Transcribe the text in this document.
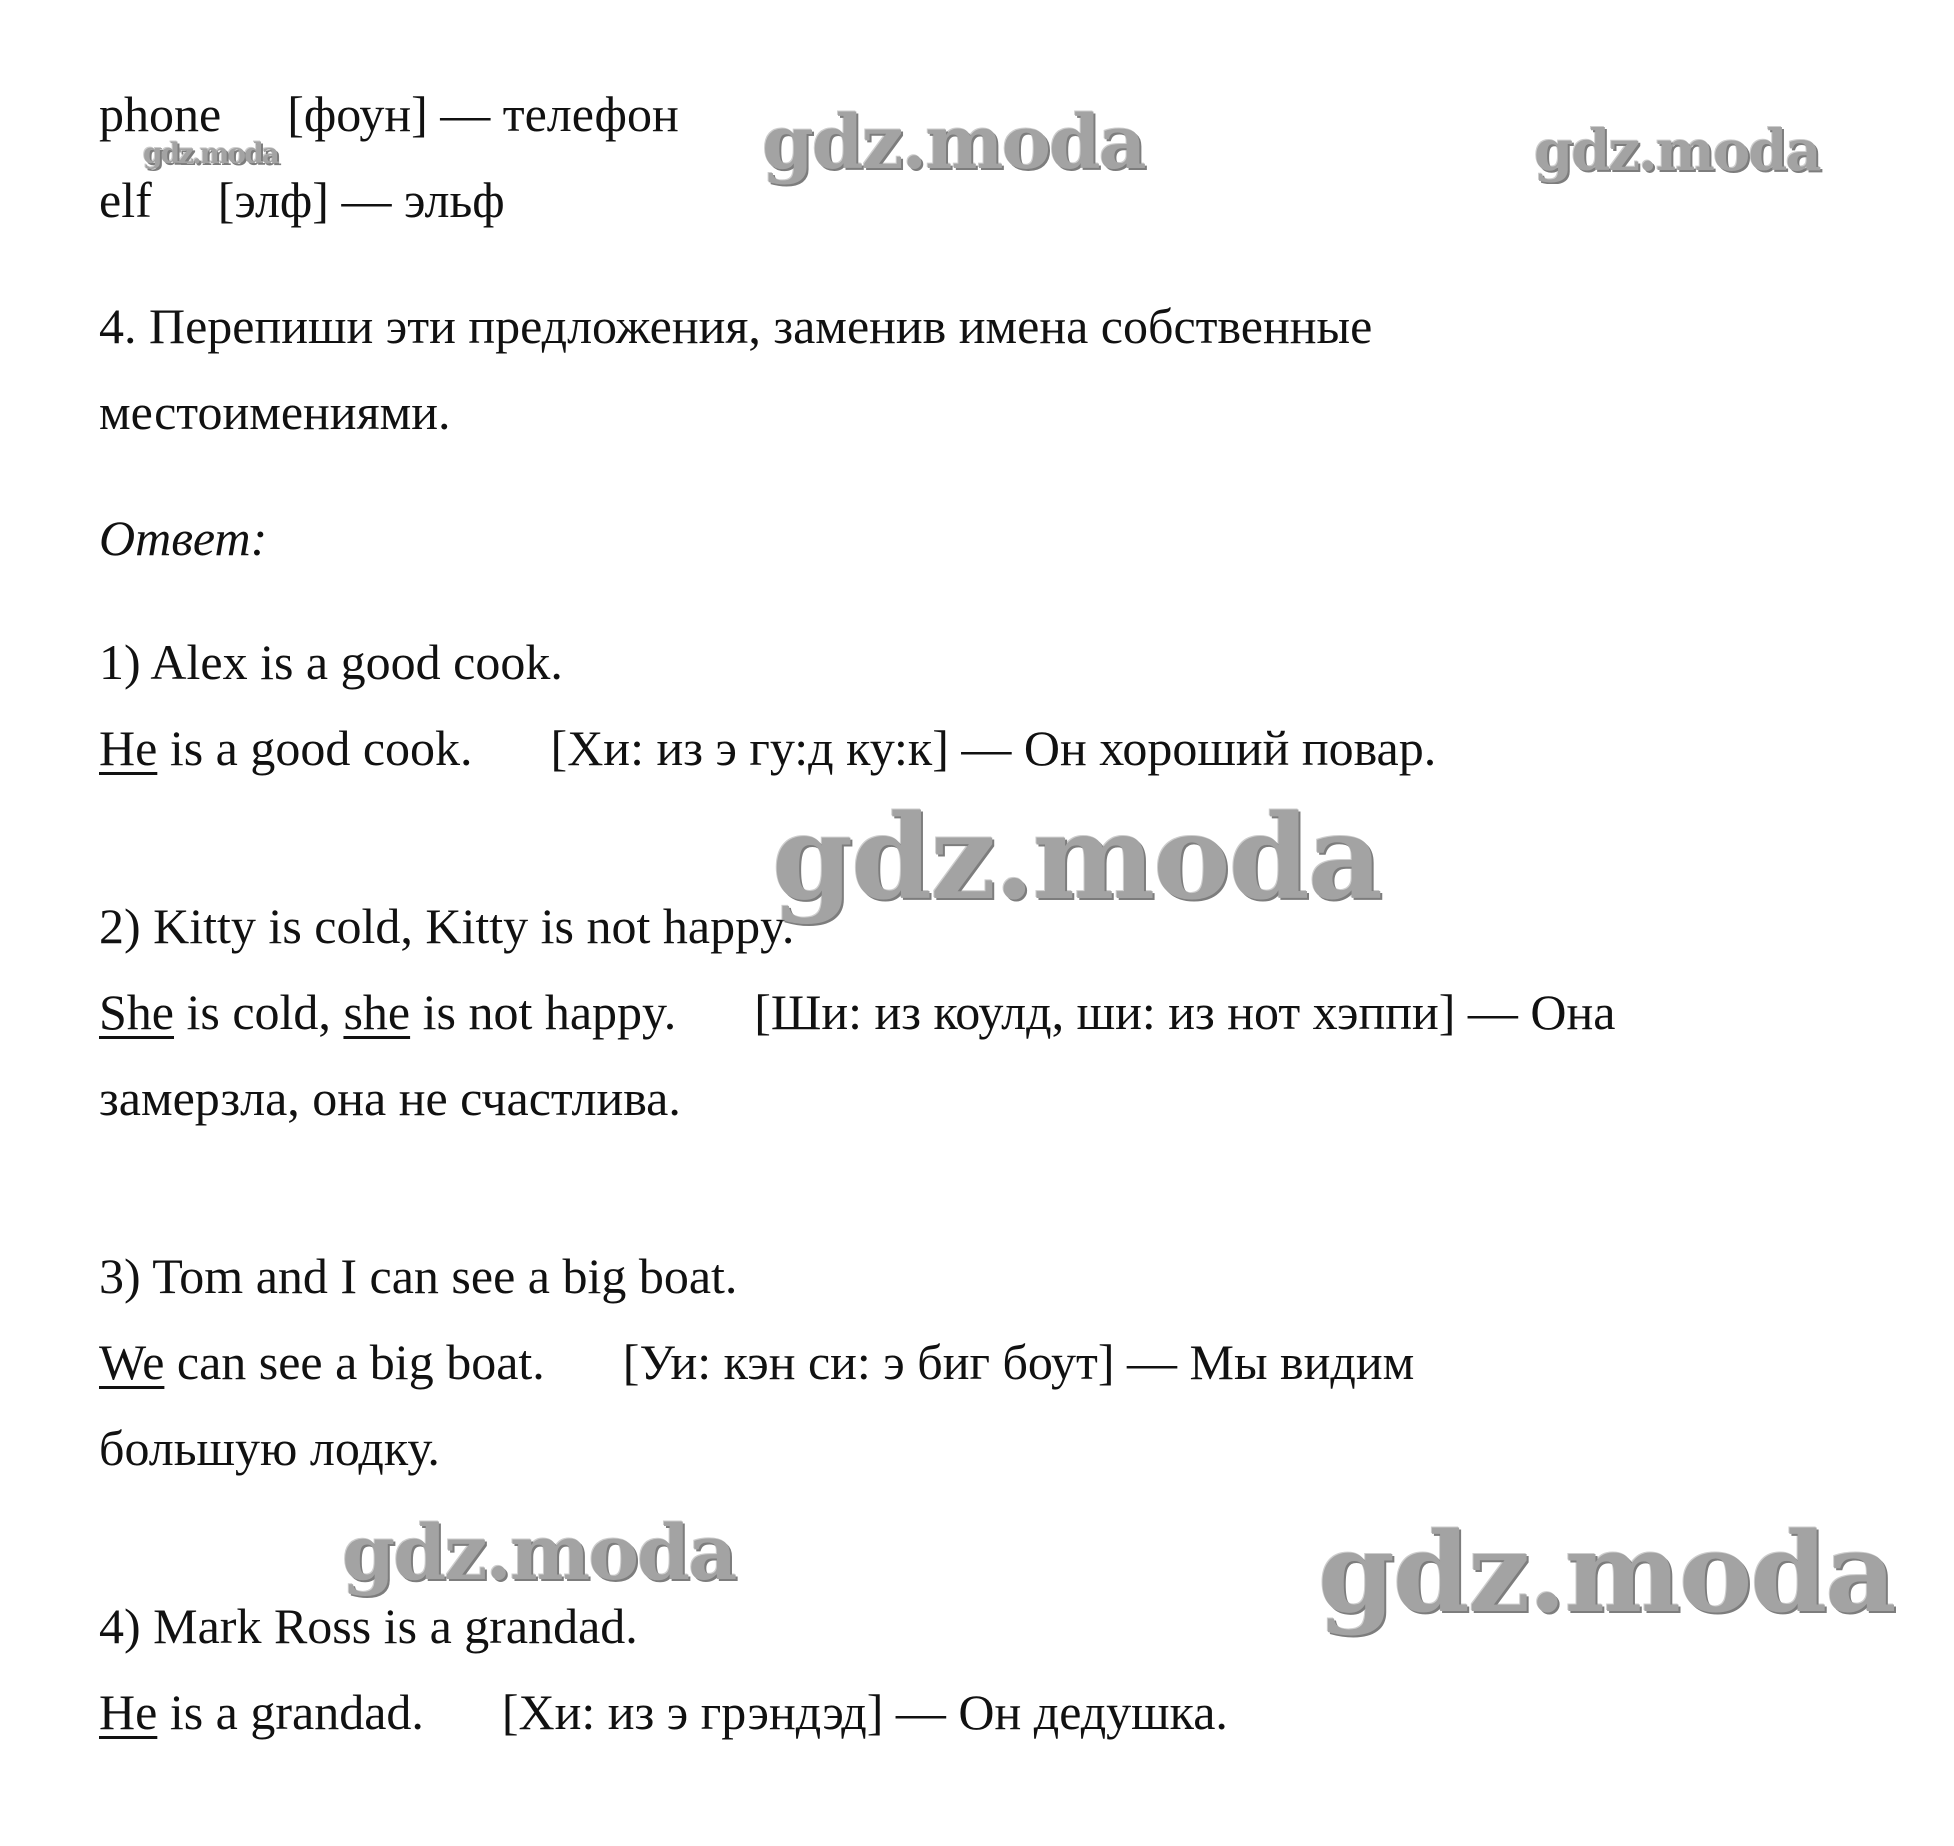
phone [фоун] — телефон
elf [элф] — эльф
4. Перепиши эти предложения, заменив имена собственные
местоимениями.
Ответ:
1) Alex is a good cook.
He is a good cook. [Хи: из э гу:д ку:к] — Он хороший повар.
2) Kitty is cold, Kitty is not happy.
She is cold, she is not happy. [Ши: из коулд, ши: из нот хэппи] — Она
замерзла, она не счастлива.
3) Tom and I can see a big boat.
We can see a big boat. [Уи: кэн си: э биг боут] — Мы видим
большую лодку.
4) Mark Ross is a grandad.
He is a grandad. [Хи: из э грэндэд] — Он дедушка.
gdz.moda	gdz.moda	gdz.moda
gdz.moda
gdz.moda	gdz.moda
